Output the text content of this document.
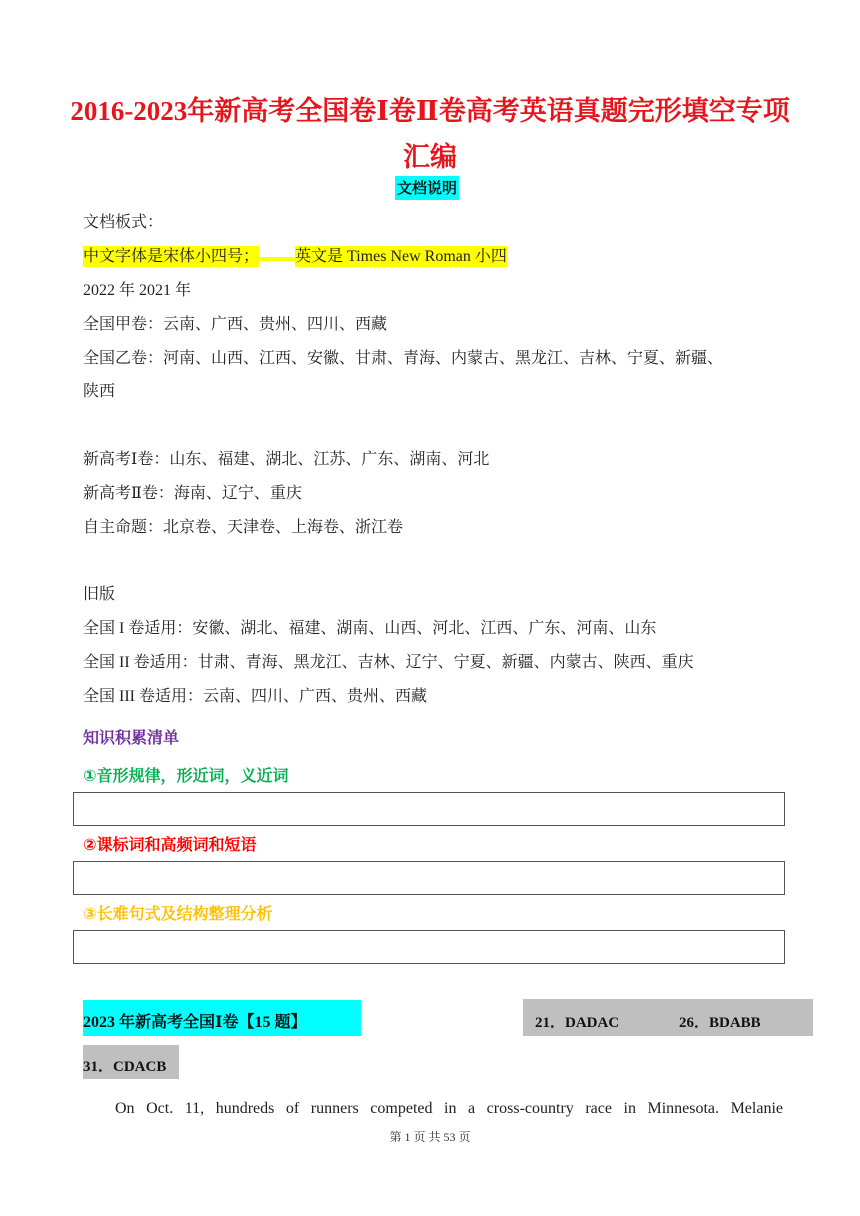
2016-2023年新高考全国卷Ⅰ卷Ⅱ卷高考英语真题完形填空专项汇编
文档说明
文档板式：
中文字体是宋体小四号； 英文是 Times New Roman 小四
2022 年 2021 年
全国甲卷：云南、广西、贵州、四川、西藏
全国乙卷：河南、山西、江西、安徽、甘肃、青海、内蒙古、黑龙江、吉林、宁夏、新疆、
陕西
新高考Ⅰ卷：山东、福建、湖北、江苏、广东、湖南、河北
新高考Ⅱ卷：海南、辽宁、重庆
自主命题：北京卷、天津卷、上海卷、浙江卷
旧版
全国 I 卷适用：安徽、湖北、福建、湖南、山西、河北、江西、广东、河南、山东
全国 II 卷适用：甘肃、青海、黑龙江、吉林、辽宁、宁夏、新疆、内蒙古、陕西、重庆
全国 III 卷适用：云南、四川、广西、贵州、西藏
知识积累清单
①音形规律，形近词，义近词
②课标词和高频词和短语
③长难句式及结构整理分析
2023 年新高考全国Ⅰ卷【15 题】	21．DADAC	26．BDABB
31．CDACB
On Oct. 11, hundreds of runners competed in a cross-country race in Minnesota. Melanie
第 1 页 共 53 页
